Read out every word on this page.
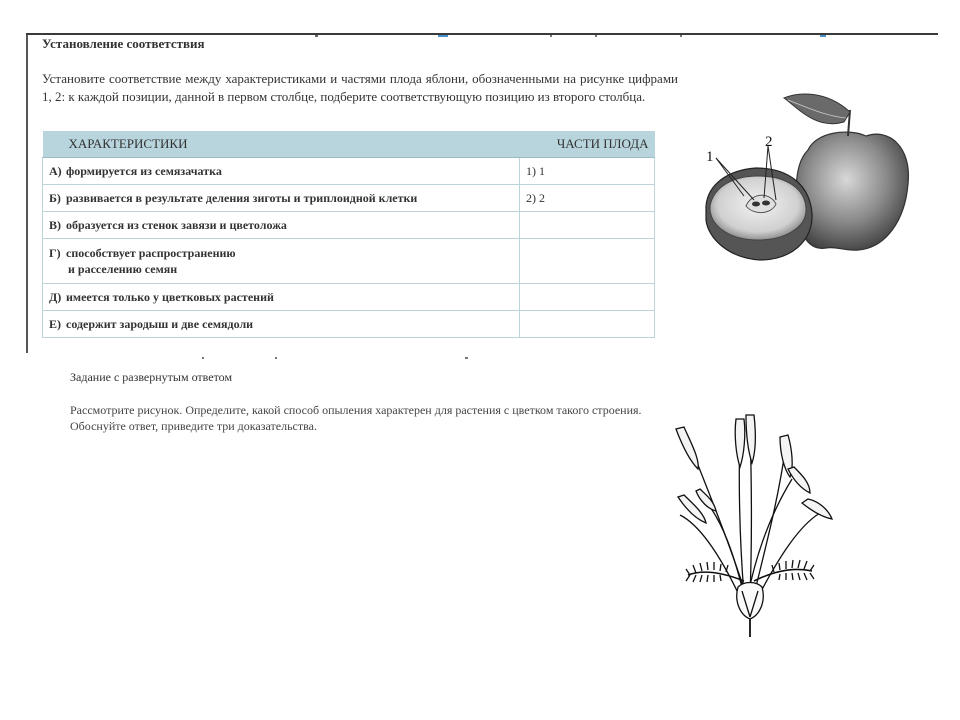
Установление соответствия
Установите соответствие между характеристиками и частями плода яблони, обозначенными на рисунке цифрами 1, 2: к каждой позиции, данной в первом столбце, подберите соответствующую позицию из второго столбца.
ХАРАКТЕРИСТИКИ	ЧАСТИ ПЛОДА
А) формируется из семязачатка	1) 1
Б) развивается в результате деления зиготы и триплоидной клетки	2) 2
В) образуется из стенок завязи и цветоложа	
Г) способствует распространению
и расселению семян	

Д) имеется только у цветковых растений	
Е) содержит зародыш и две семядоли	
1
2
Задание с развернутым ответом
Рассмотрите рисунок. Определите, какой способ опыления характерен для растения с цветком такого строения. Обоснуйте ответ, приведите три доказательства.
